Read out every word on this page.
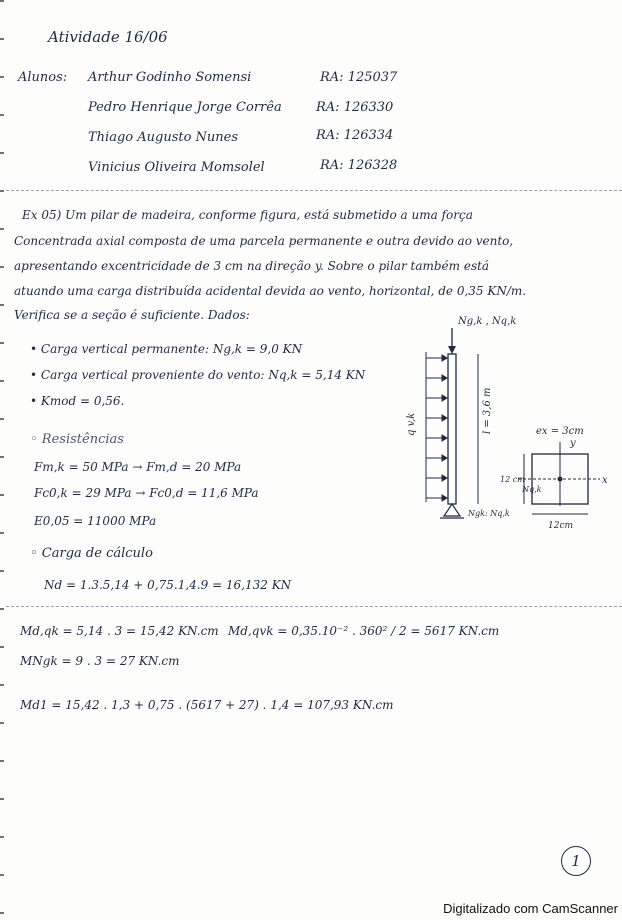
Atividade 16/06
Alunos: Arthur Godinho Somensi	RA: 125037
Pedro Henrique Jorge Corrêa	RA: 126330
Thiago Augusto Nunes	RA: 126334
Vinicius Oliveira Momsolel	RA: 126328
Ex 05) Um pilar de madeira, conforme figura, está submetido a uma força
Concentrada axial composta de uma parcela permanente e outra devido ao vento,
apresentando excentricidade de 3 cm na direção y. Sobre o pilar também está
atuando uma carga distribuída acidental devida ao vento, horizontal, de 0,35 KN/m.
Verifica se a seção é suficiente. Dados:
• Carga vertical permanente: Ng,k = 9,0 KN
• Carga vertical proveniente do vento: Nq,k = 5,14 KN
• Kmod = 0,56.
◦ Resistências
Fm,k = 50 MPa → Fm,d = 20 MPa
Fc0,k = 29 MPa → Fc0,d = 11,6 MPa
E0,05 = 11000 MPa
◦ Carga de cálculo
Nd = 1.3.5,14 + 0,75.1,4.9 = 16,132 KN
Md,qk = 5,14 . 3 = 15,42 KN.cm Md,qvk = 0,35.10⁻² . 360² / 2 = 5617 KN.cm
MNgk = 9 . 3 = 27 KN.cm
Md1 = 15,42 . 1,3 + 0,75 . (5617 + 27) . 1,4 = 107,93 KN.cm
Ng,k , Nq,k
q v,k	l = 3,6 m	ex = 3cm
y
x
Nq,k
12 cm
12cm
Ngk: Nq,k
1
Digitalizado com CamScanner
